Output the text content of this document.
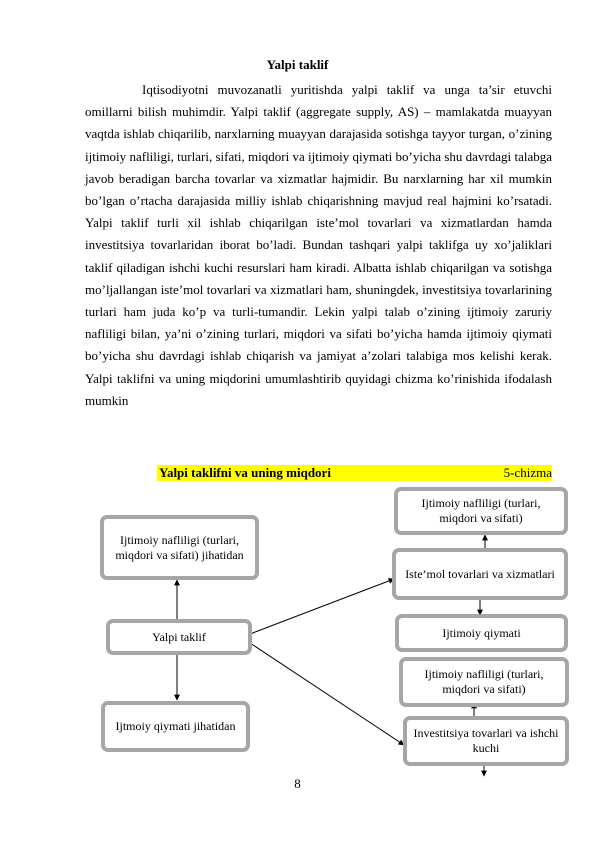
Yalpi taklif
Iqtisodiyotni muvozanatli yuritishda yalpi taklif va unga ta’sir etuvchi omillarni bilish muhimdir. Yalpi taklif (aggregate supply, AS) – mamlakatda muayyan vaqtda ishlab chiqarilib, narxlarning muayyan darajasida sotishga tayyor turgan, o’zining ijtimoiy nafliligi, turlari, sifati, miqdori va ijtimoiy qiymati bo’yicha shu davrdagi talabga javob beradigan barcha tovarlar va xizmatlar hajmidir. Bu narxlarning har xil mumkin bo’lgan o’rtacha darajasida milliy ishlab chiqarishning mavjud real hajmini ko’rsatadi. Yalpi taklif turli xil ishlab chiqarilgan iste’mol tovarlari va xizmatlardan hamda investitsiya tovarlaridan iborat bo’ladi. Bundan tashqari yalpi taklifga uy xo’jaliklari taklif qiladigan ishchi kuchi resurslari ham kiradi. Albatta ishlab chiqarilgan va sotishga mo’ljallangan iste’mol tovarlari va xizmatlari ham, shuningdek, investitsiya tovarlarining turlari ham juda ko’p va turli-tumandir. Lekin yalpi talab o’zining ijtimoiy zaruriy nafliligi bilan, ya’ni o’zining turlari, miqdori va sifati bo’yicha hamda ijtimoiy qiymati bo’yicha shu davrdagi ishlab chiqarish va jamiyat a’zolari talabiga mos kelishi kerak. Yalpi taklifni va uning miqdorini umumlashtirib quyidagi chizma ko’rinishida ifodalash mumkin
Yalpi taklifni va uning miqdori	5-chizma
Ijtimoiy nafliligi (turlari, miqdori va sifati) jihatidan
Yalpi taklif
Ijtmoiy qiymati jihatidan
Ijtimoiy nafliligi (turlari, miqdori va sifati)
Iste’mol tovarlari va xizmatlari
Ijtimoiy qiymati
Ijtimoiy nafliligi (turlari, miqdori va sifati)
Investitsiya tovarlari va ishchi kuchi
8
